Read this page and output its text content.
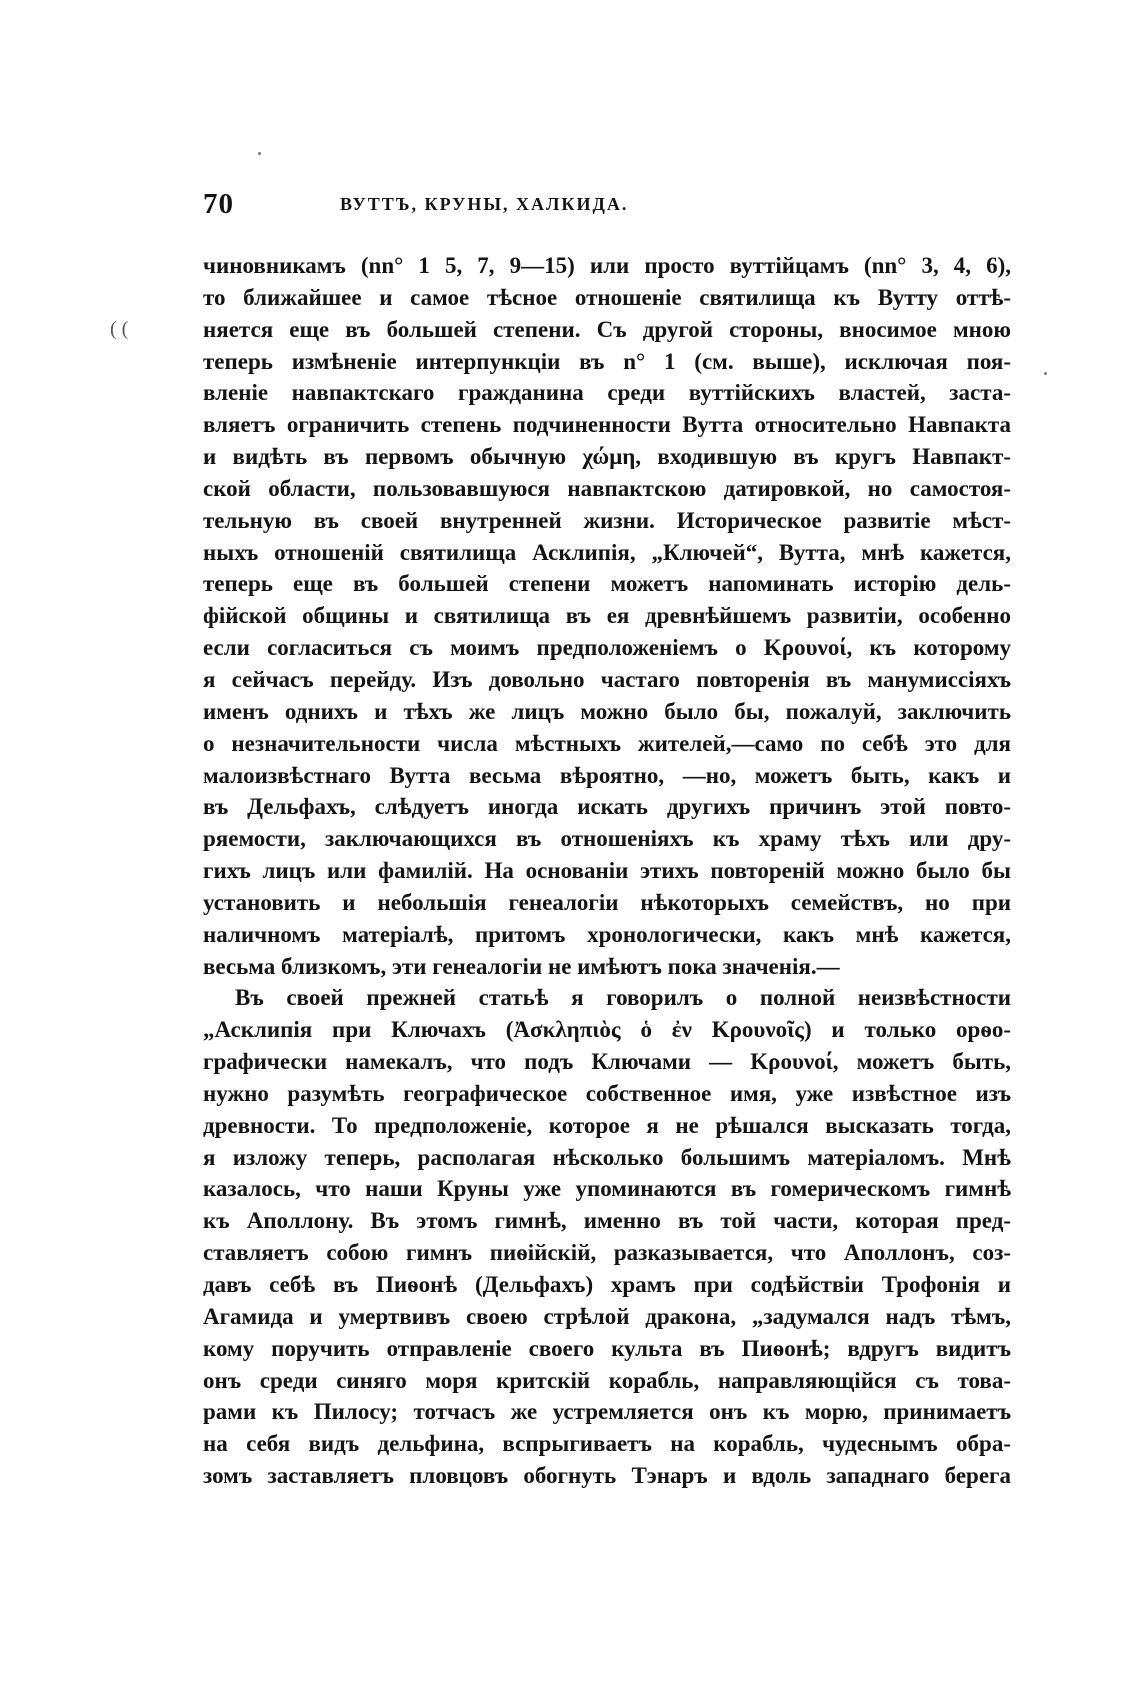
70	ВУТТЪ, КРУНЫ, ХАЛКИДА.
( (
чиновникамъ (nn° 1 5, 7, 9—15) или просто вуттійцамъ (nn° 3, 4, 6),
то ближайшее и самое тѣсное отношеніе святилища къ Вутту оттѣ-
няется еще въ большей степени. Съ другой стороны, вносимое мною
теперь измѣненіе интерпункціи въ n° 1 (см. выше), исключая поя-
вленіе навпактскаго гражданина среди вуттійскихъ властей, заста-
вляетъ ограничить степень подчиненности Вутта относительно Навпакта
и видѣть въ первомъ обычную χώμη, входившую въ кругъ Навпакт-
ской области, пользовавшуюся навпактскою датировкой, но самостоя-
тельную въ своей внутренней жизни. Историческое развитіе мѣст-
ныхъ отношеній святилища Асклипія, „Ключей“, Вутта, мнѣ кажется,
теперь еще въ большей степени можетъ напоминать исторію дель-
фійской общины и святилища въ ея древнѣйшемъ развитіи, особенно
если согласиться съ моимъ предположеніемъ о Κρουνοί, къ которому
я сейчасъ перейду. Изъ довольно частаго повторенія въ манумиссіяхъ
именъ однихъ и тѣхъ же лицъ можно было бы, пожалуй, заключить
о незначительности числа мѣстныхъ жителей,—само по себѣ это для
малоизвѣстнаго Вутта весьма вѣроятно, —но, можетъ быть, какъ и
въ Дельфахъ, слѣдуетъ иногда искать другихъ причинъ этой повто-
ряемости, заключающихся въ отношеніяхъ къ храму тѣхъ или дру-
гихъ лицъ или фамилій. На основаніи этихъ повтореній можно было бы
установить и небольшія генеалогіи нѣкоторыхъ семействъ, но при
наличномъ матеріалѣ, притомъ хронологически, какъ мнѣ кажется,
весьма близкомъ, эти генеалогіи не имѣютъ пока значенія.—
Въ своей прежней статьѣ я говорилъ о полной неизвѣстности
„Асклипія при Ключахъ (Ἀσκληπιὸς ὁ ἐν Κρουνοῖς) и только орѳо-
графически намекалъ, что подъ Ключами — Κρουνοί, можетъ быть,
нужно разумѣть географическое собственное имя, уже извѣстное изъ
древности. То предположеніе, которое я не рѣшался высказать тогда,
я изложу теперь, располагая нѣсколько большимъ матеріаломъ. Мнѣ
казалось, что наши Круны уже упоминаются въ гомерическомъ гимнѣ
къ Аполлону. Въ этомъ гимнѣ, именно въ той части, которая пред-
ставляетъ собою гимнъ пиѳійскій, разказывается, что Аполлонъ, соз-
давъ себѣ въ Пиѳонѣ (Дельфахъ) храмъ при содѣйствіи Трофонія и
Агамида и умертвивъ своею стрѣлой дракона, „задумался надъ тѣмъ,
кому поручить отправленіе своего культа въ Пиѳонѣ; вдругъ видитъ
онъ среди синяго моря критскій корабль, направляющійся съ това-
рами къ Пилосу; тотчасъ же устремляется онъ къ морю, принимаетъ
на себя видъ дельфина, вспрыгиваетъ на корабль, чудеснымъ обра-
зомъ заставляетъ пловцовъ обогнуть Тэнаръ и вдоль западнаго берега
